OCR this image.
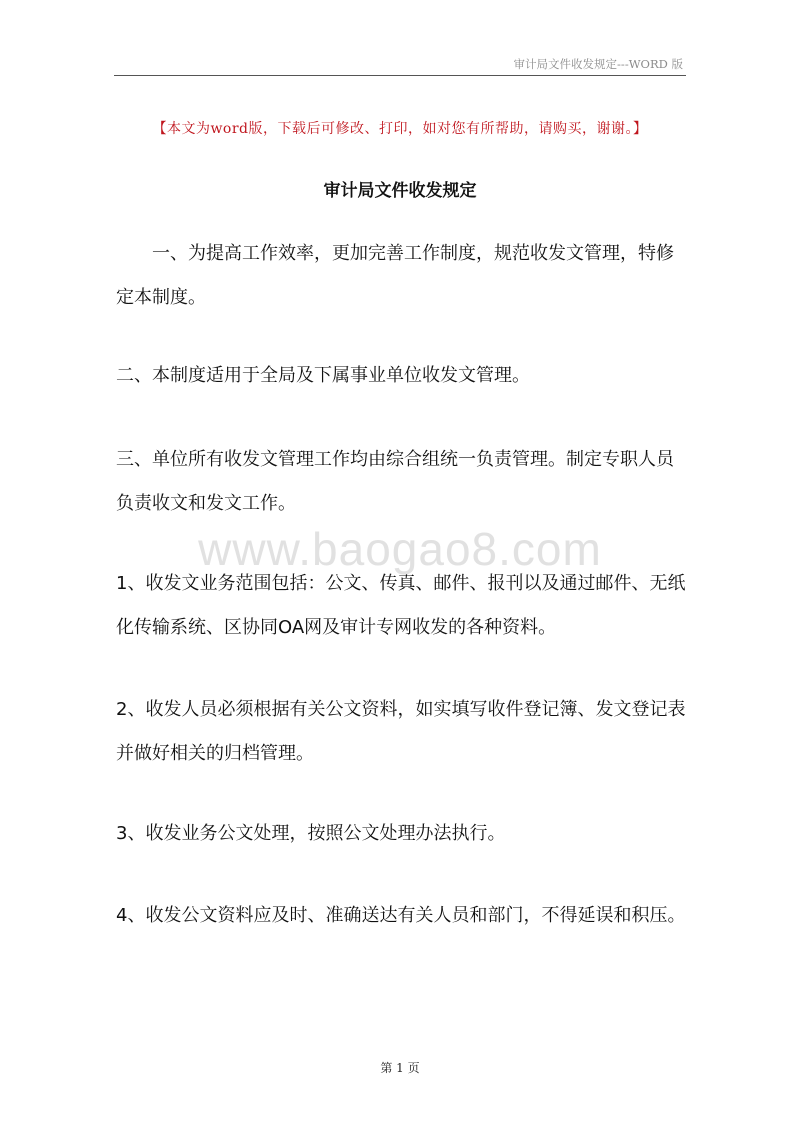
审计局文件收发规定---WORD 版
【本文为word版，下载后可修改、打印，如对您有所帮助，请购买，谢谢。】
审计局文件收发规定

一、为提高工作效率，更加完善工作制度，规范收发文管理，特修定本制度。

二、本制度适用于全局及下属事业单位收发文管理。

三、单位所有收发文管理工作均由综合组统一负责管理。制定专职人员负责收文和发文工作。

1、收发文业务范围包括：公文、传真、邮件、报刊以及通过邮件、无纸化传输系统、区协同OA网及审计专网收发的各种资料。

2、收发人员必须根据有关公文资料，如实填写收件登记簿、发文登记表并做好相关的归档管理。

3、收发业务公文处理，按照公文处理办法执行。

4、收发公文资料应及时、准确送达有关人员和部门，不得延误和积压。

www.baogao8.com
第 1 页
